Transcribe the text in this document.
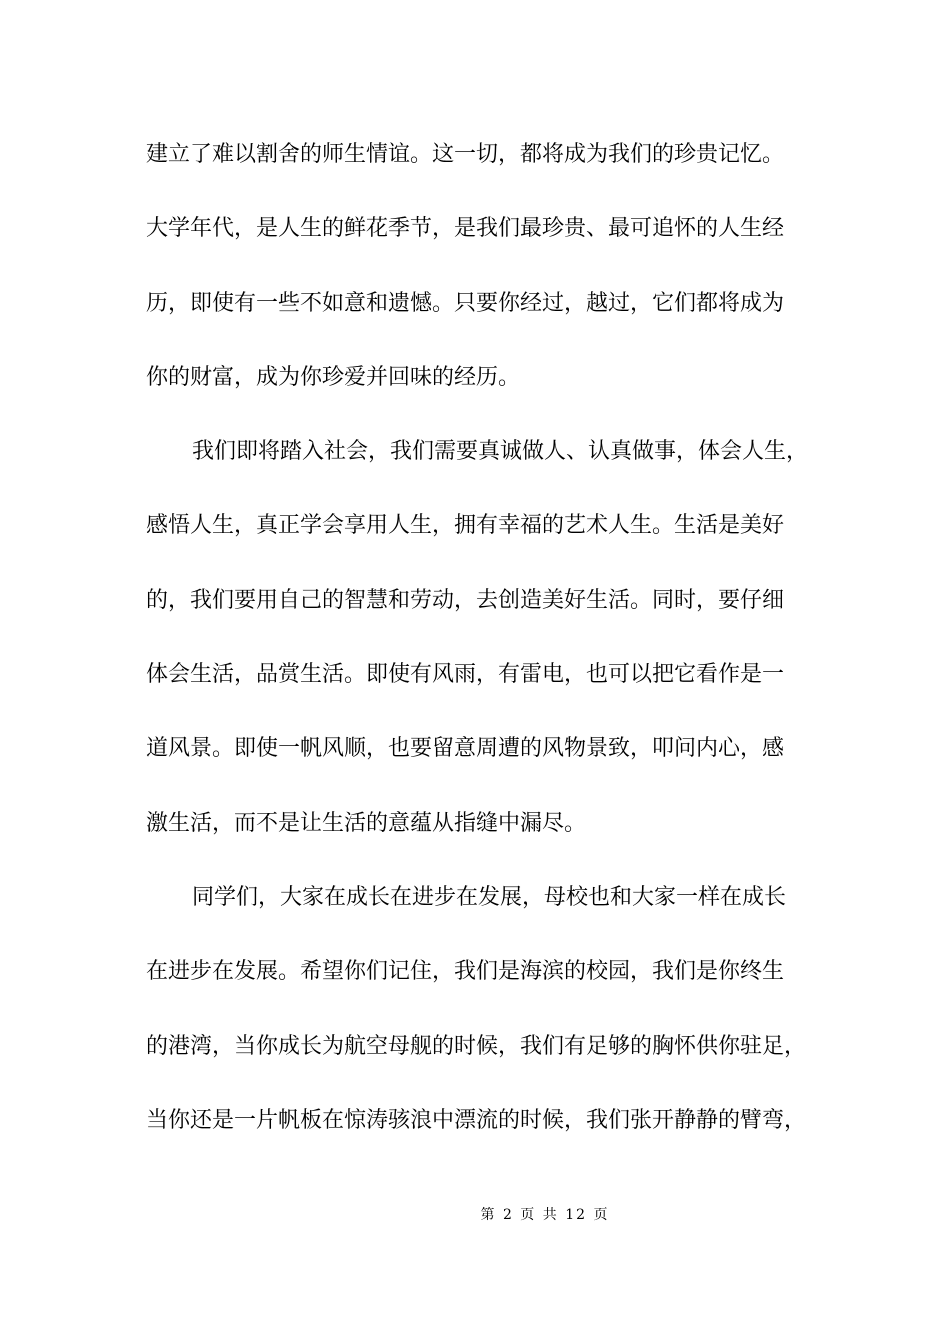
建立了难以割舍的师生情谊。这一切，都将成为我们的珍贵记忆。
大学年代，是人生的鲜花季节，是我们最珍贵、最可追怀的人生经
历，即使有一些不如意和遗憾。只要你经过，越过，它们都将成为
你的财富，成为你珍爱并回味的经历。
我们即将踏入社会，我们需要真诚做人、认真做事，体会人生，
感悟人生，真正学会享用人生，拥有幸福的艺术人生。生活是美好
的，我们要用自己的智慧和劳动，去创造美好生活。同时，要仔细
体会生活，品赏生活。即使有风雨，有雷电，也可以把它看作是一
道风景。即使一帆风顺，也要留意周遭的风物景致，叩问内心，感
激生活，而不是让生活的意蕴从指缝中漏尽。
同学们，大家在成长在进步在发展，母校也和大家一样在成长
在进步在发展。希望你们记住，我们是海滨的校园，我们是你终生
的港湾，当你成长为航空母舰的时候，我们有足够的胸怀供你驻足，
当你还是一片帆板在惊涛骇浪中漂流的时候，我们张开静静的臂弯，
第 2 页 共 12 页
